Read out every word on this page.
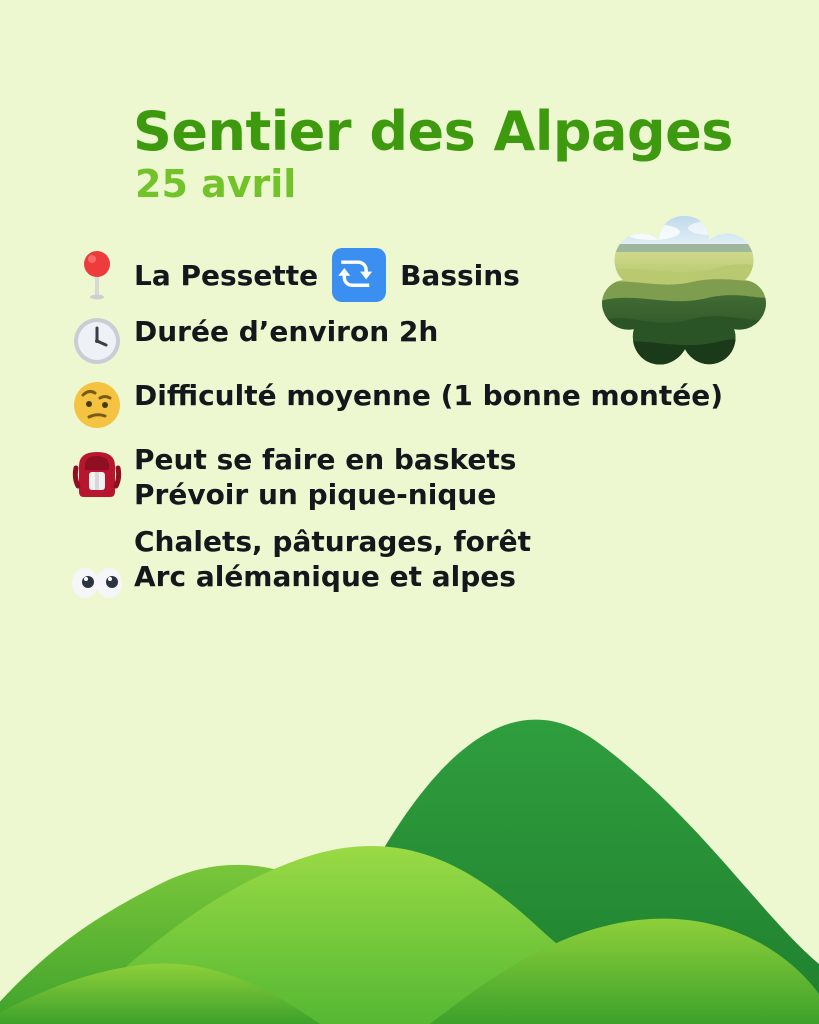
Sentier des Alpages
25 avril
La Pessette	Bassins
Durée d’environ 2h
Difficulté moyenne (1 bonne montée)
Peut se faire en baskets
Prévoir un pique-nique
Chalets, pâturages, forêt
Arc alémanique et alpes
